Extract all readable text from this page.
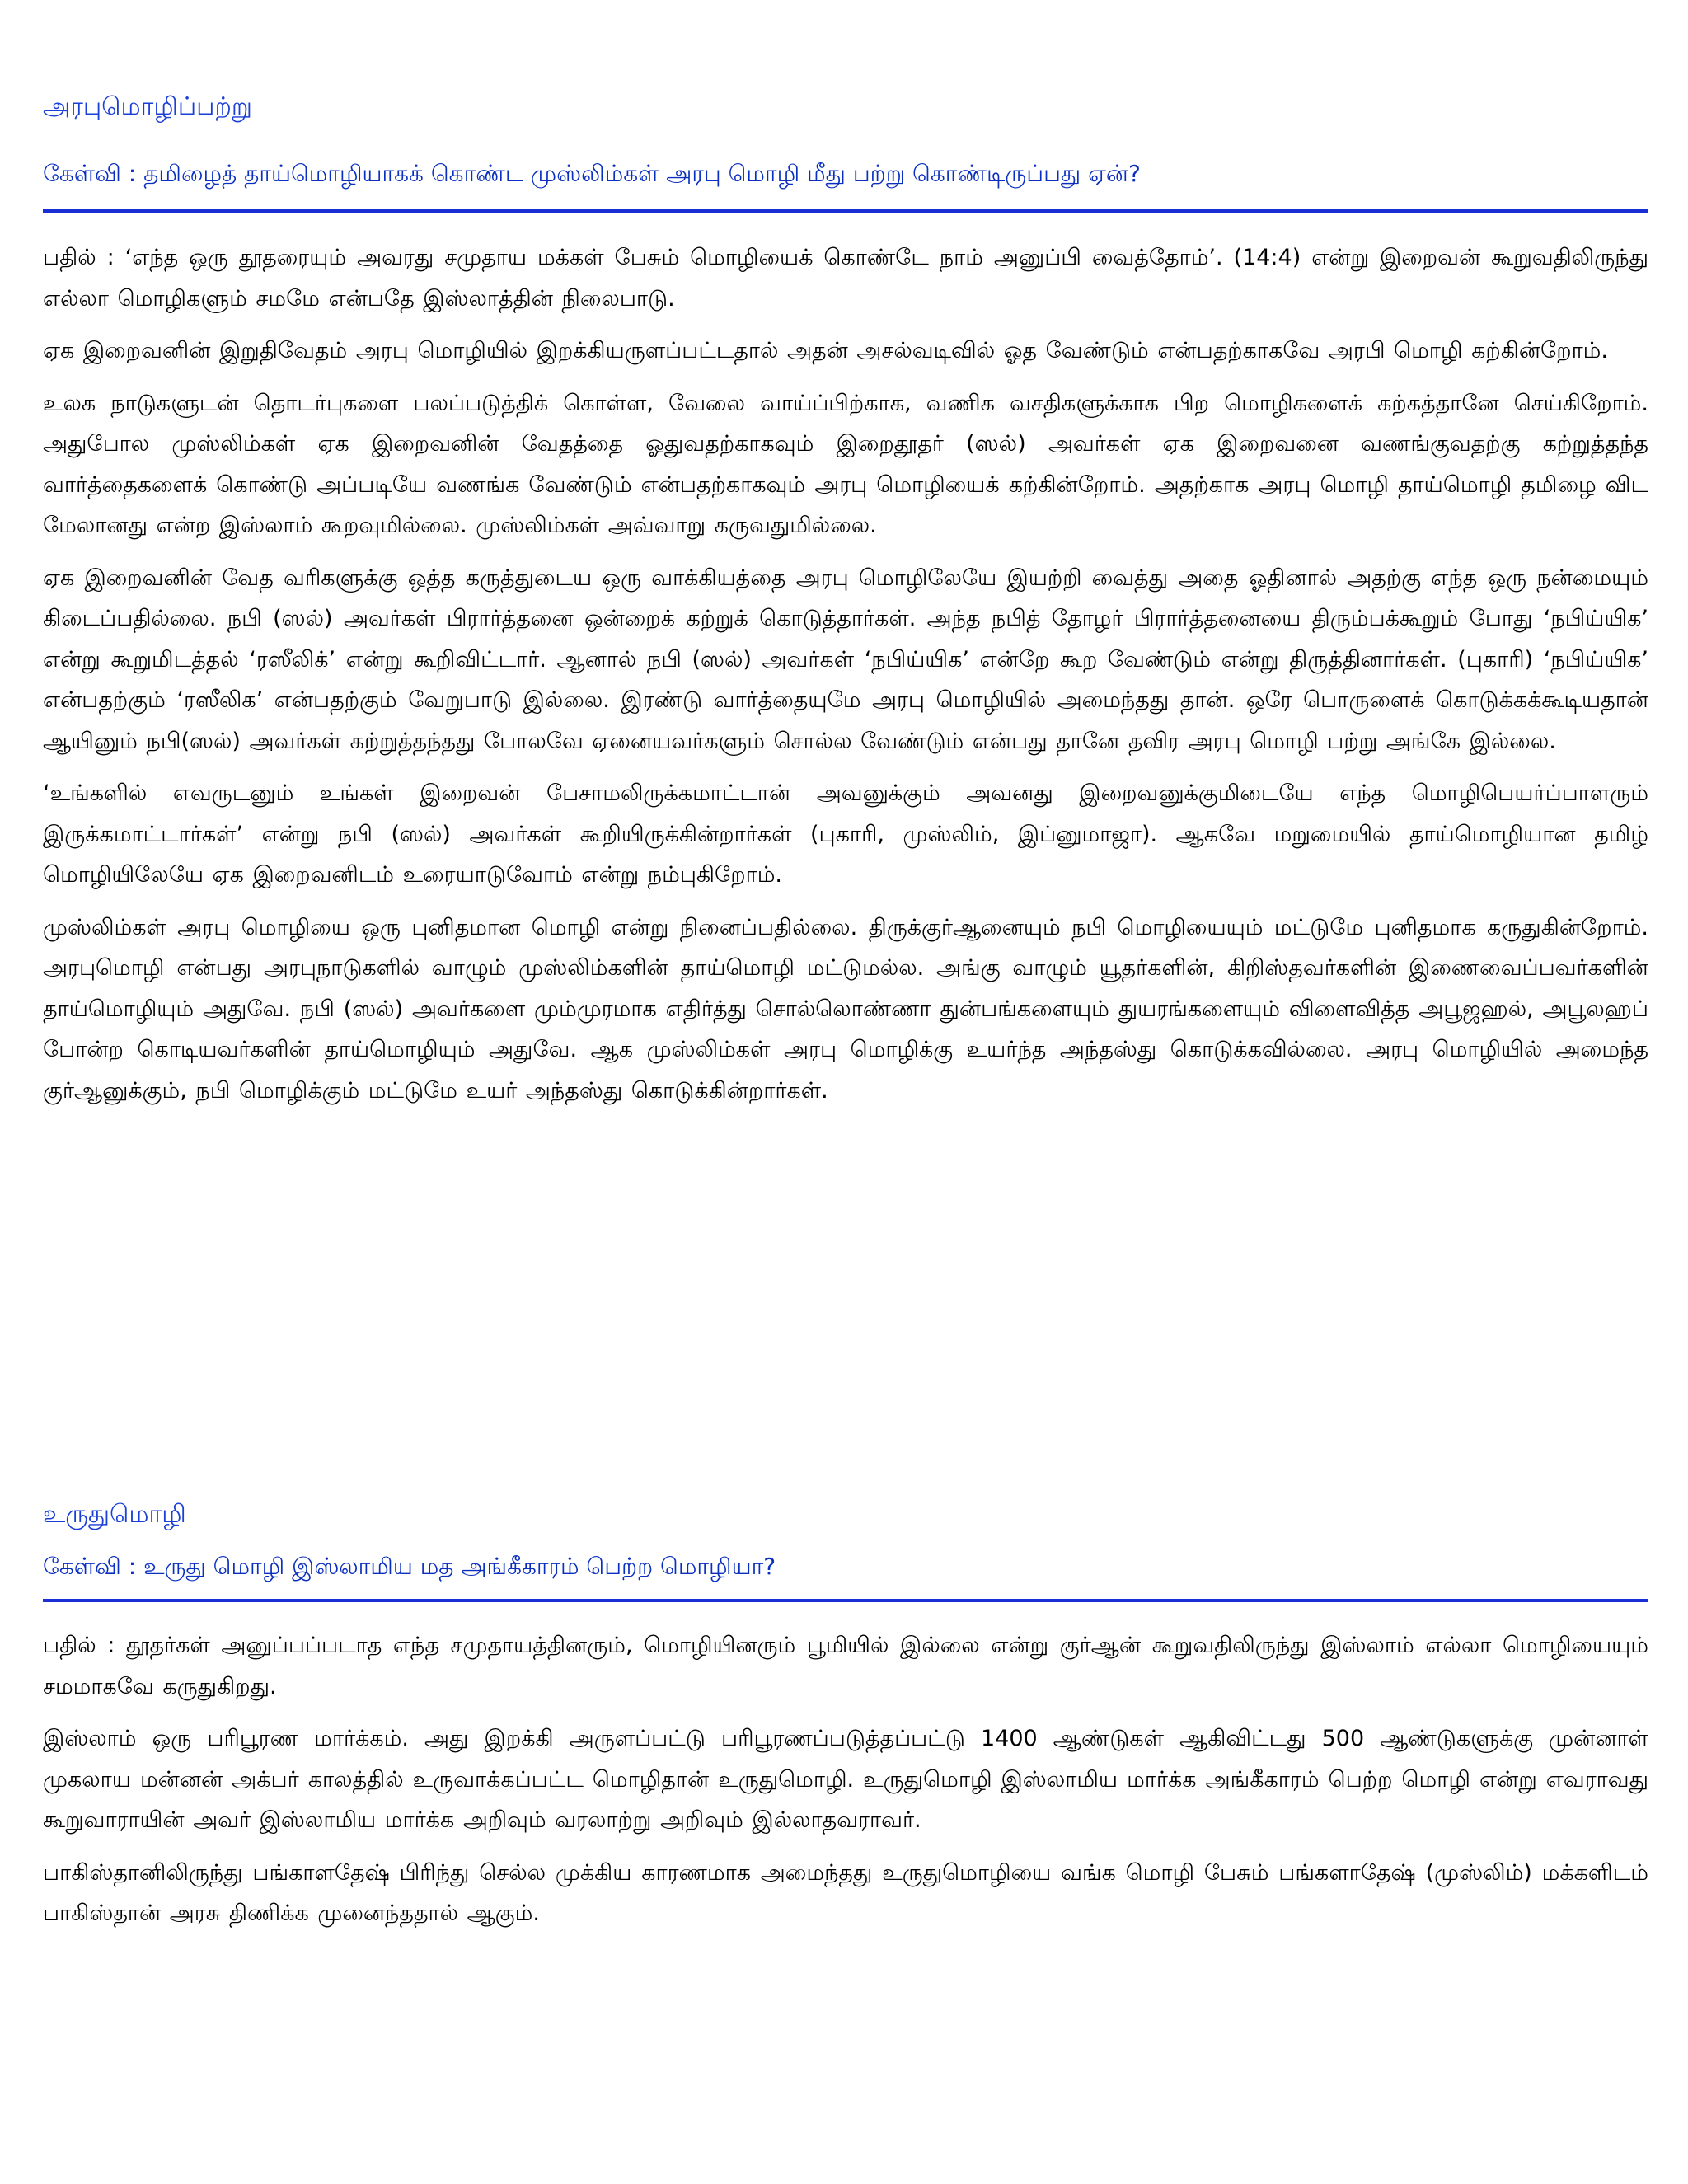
அரபுமொழிப்பற்று

கேள்வி : தமிழைத் தாய்மொழியாகக் கொண்ட முஸ்லிம்கள் அரபு மொழி மீது பற்று கொண்டிருப்பது ஏன்?

பதில் : ‘எந்த ஒரு தூதரையும் அவரது சமுதாய மக்கள் பேசும் மொழியைக் கொண்டே நாம் அனுப்பி வைத்தோம்’. (14:4) என்று இறைவன் கூறுவதிலிருந்து எல்லா மொழிகளும் சமமே என்பதே இஸ்லாத்தின் நிலைபாடு.

ஏக இறைவனின் இறுதிவேதம் அரபு மொழியில் இறக்கியருளப்பட்டதால் அதன் அசல்வடிவில் ஓத வேண்டும் என்பதற்காகவே அரபி மொழி கற்கின்றோம்.

உலக நாடுகளுடன் தொடர்புகளை பலப்படுத்திக் கொள்ள, வேலை வாய்ப்பிற்காக, வணிக வசதிகளுக்காக பிற மொழிகளைக் கற்கத்தானே செய்கிறோம். அதுபோல முஸ்லிம்கள் ஏக இறைவனின் வேதத்தை ஓதுவதற்காகவும் இறைதூதர் (ஸல்) அவர்கள் ஏக இறைவனை வணங்குவதற்கு கற்றுத்தந்த வார்த்தைகளைக் கொண்டு அப்படியே வணங்க வேண்டும் என்பதற்காகவும் அரபு மொழியைக் கற்கின்றோம். அதற்காக அரபு மொழி தாய்மொழி தமிழை விட மேலானது என்ற இஸ்லாம் கூறவுமில்லை. முஸ்லிம்கள் அவ்வாறு கருவதுமில்லை.

ஏக இறைவனின் வேத வரிகளுக்கு ஒத்த கருத்துடைய ஒரு வாக்கியத்தை அரபு மொழிலேயே இயற்றி வைத்து அதை ஓதினால் அதற்கு எந்த ஒரு நன்மையும் கிடைப்பதில்லை. நபி (ஸல்) அவர்கள் பிரார்த்தனை ஒன்றைக் கற்றுக் கொடுத்தார்கள். அந்த நபித் தோழர் பிரார்த்தனையை திரும்பக்கூறும் போது ‘நபிய்யிக’ என்று கூறுமிடத்தல் ‘ரஸீலிக்’ என்று கூறிவிட்டார். ஆனால் நபி (ஸல்) அவர்கள் ‘நபிய்யிக’ என்றே கூற வேண்டும் என்று திருத்தினார்கள். (புகாரி) ‘நபிய்யிக’ என்பதற்கும் ‘ரஸீலிக’ என்பதற்கும் வேறுபாடு இல்லை. இரண்டு வார்த்தையுமே அரபு மொழியில் அமைந்தது தான். ஒரே பொருளைக் கொடுக்கக்கூடியதான் ஆயினும் நபி(ஸல்) அவர்கள் கற்றுத்தந்தது போலவே ஏனையவர்களும் சொல்ல வேண்டும் என்பது தானே தவிர அரபு மொழி பற்று அங்கே இல்லை.

‘உங்களில் எவருடனும் உங்கள் இறைவன் பேசாமலிருக்கமாட்டான் அவனுக்கும் அவனது இறைவனுக்குமிடையே எந்த மொழிபெயர்ப்பாளரும் இருக்கமாட்டார்கள்’ என்று நபி (ஸல்) அவர்கள் கூறியிருக்கின்றார்கள் (புகாரி, முஸ்லிம், இப்னுமாஜா). ஆகவே மறுமையில் தாய்மொழியான தமிழ் மொழியிலேயே ஏக இறைவனிடம் உரையாடுவோம் என்று நம்புகிறோம்.

முஸ்லிம்கள் அரபு மொழியை ஒரு புனிதமான மொழி என்று நினைப்பதில்லை. திருக்குர்ஆனையும் நபி மொழியையும் மட்டுமே புனிதமாக கருதுகின்றோம். அரபுமொழி என்பது அரபுநாடுகளில் வாழும் முஸ்லிம்களின் தாய்மொழி மட்டுமல்ல. அங்கு வாழும் யூதர்களின், கிறிஸ்தவர்களின் இணைவைப்பவர்களின் தாய்மொழியும் அதுவே. நபி (ஸல்) அவர்களை மும்முரமாக எதிர்த்து சொல்லொண்ணா துன்பங்களையும் துயரங்களையும் விளைவித்த அபூஜஹல், அபூலஹப் போன்ற கொடியவர்களின் தாய்மொழியும் அதுவே. ஆக முஸ்லிம்கள் அரபு மொழிக்கு உயர்ந்த அந்தஸ்து கொடுக்கவில்லை. அரபு மொழியில் அமைந்த குர்ஆனுக்கும், நபி மொழிக்கும் மட்டுமே உயர் அந்தஸ்து கொடுக்கின்றார்கள்.

உருதுமொழி

கேள்வி : உருது மொழி இஸ்லாமிய மத அங்கீகாரம் பெற்ற மொழியா?

பதில் : தூதர்கள் அனுப்பப்படாத எந்த சமுதாயத்தினரும், மொழியினரும் பூமியில் இல்லை என்று குர்ஆன் கூறுவதிலிருந்து இஸ்லாம் எல்லா மொழியையும் சமமாகவே கருதுகிறது.

இஸ்லாம் ஒரு பரிபூரண மார்க்கம். அது இறக்கி அருளப்பட்டு பரிபூரணப்படுத்தப்பட்டு 1400 ஆண்டுகள் ஆகிவிட்டது 500 ஆண்டுகளுக்கு முன்னாள் முகலாய மன்னன் அக்பர் காலத்தில் உருவாக்கப்பட்ட மொழிதான் உருதுமொழி. உருதுமொழி இஸ்லாமிய மார்க்க அங்கீகாரம் பெற்ற மொழி என்று எவராவது கூறுவாராயின் அவர் இஸ்லாமிய மார்க்க அறிவும் வரலாற்று அறிவும் இல்லாதவராவர்.

பாகிஸ்தானிலிருந்து பங்காளதேஷ் பிரிந்து செல்ல முக்கிய காரணமாக அமைந்தது உருதுமொழியை வங்க மொழி பேசும் பங்களாதேஷ் (முஸ்லிம்) மக்களிடம் பாகிஸ்தான் அரசு திணிக்க முனைந்ததால் ஆகும்.
